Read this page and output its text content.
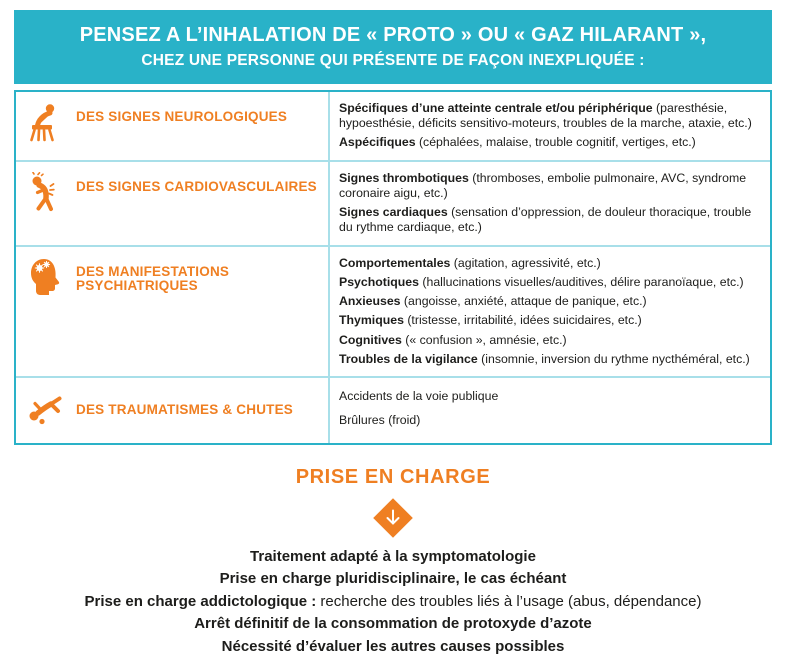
PENSEZ A L’INHALATION DE « PROTO » OU « GAZ HILARANT »,
CHEZ UNE PERSONNE QUI PRÉSENTE DE FAÇON INEXPLIQUÉE :
DES SIGNES NEUROLOGIQUES

Spécifiques d’une atteinte centrale et/ou périphérique (paresthésie, hypoesthésie, déficits sensitivo-moteurs, troubles de la marche, ataxie, etc.)

Aspécifiques (céphalées, malaise, trouble cognitif, vertiges, etc.)

DES SIGNES CARDIOVASCULAIRES

Signes thrombotiques (thromboses, embolie pulmonaire, AVC, syndrome coronaire aigu, etc.)

Signes cardiaques (sensation d’oppression, de douleur thoracique, trouble du rythme cardiaque, etc.)

DES MANIFESTATIONS PSYCHIATRIQUES

Comportementales (agitation, agressivité, etc.)

Psychotiques (hallucinations visuelles/auditives, délire paranoïaque, etc.)

Anxieuses (angoisse, anxiété, attaque de panique, etc.)

Thymiques (tristesse, irritabilité, idées suicidaires, etc.)

Cognitives (« confusion », amnésie, etc.)

Troubles de la vigilance (insomnie, inversion du rythme nycthéméral, etc.)

DES TRAUMATISMES & CHUTES

Accidents de la voie publique

Brûlures (froid)

PRISE EN CHARGE

Traitement adapté à la symptomatologie

Prise en charge pluridisciplinaire, le cas échéant

Prise en charge addictologique : recherche des troubles liés à l’usage (abus, dépendance)

Arrêt définitif de la consommation de protoxyde d’azote

Nécessité d’évaluer les autres causes possibles
